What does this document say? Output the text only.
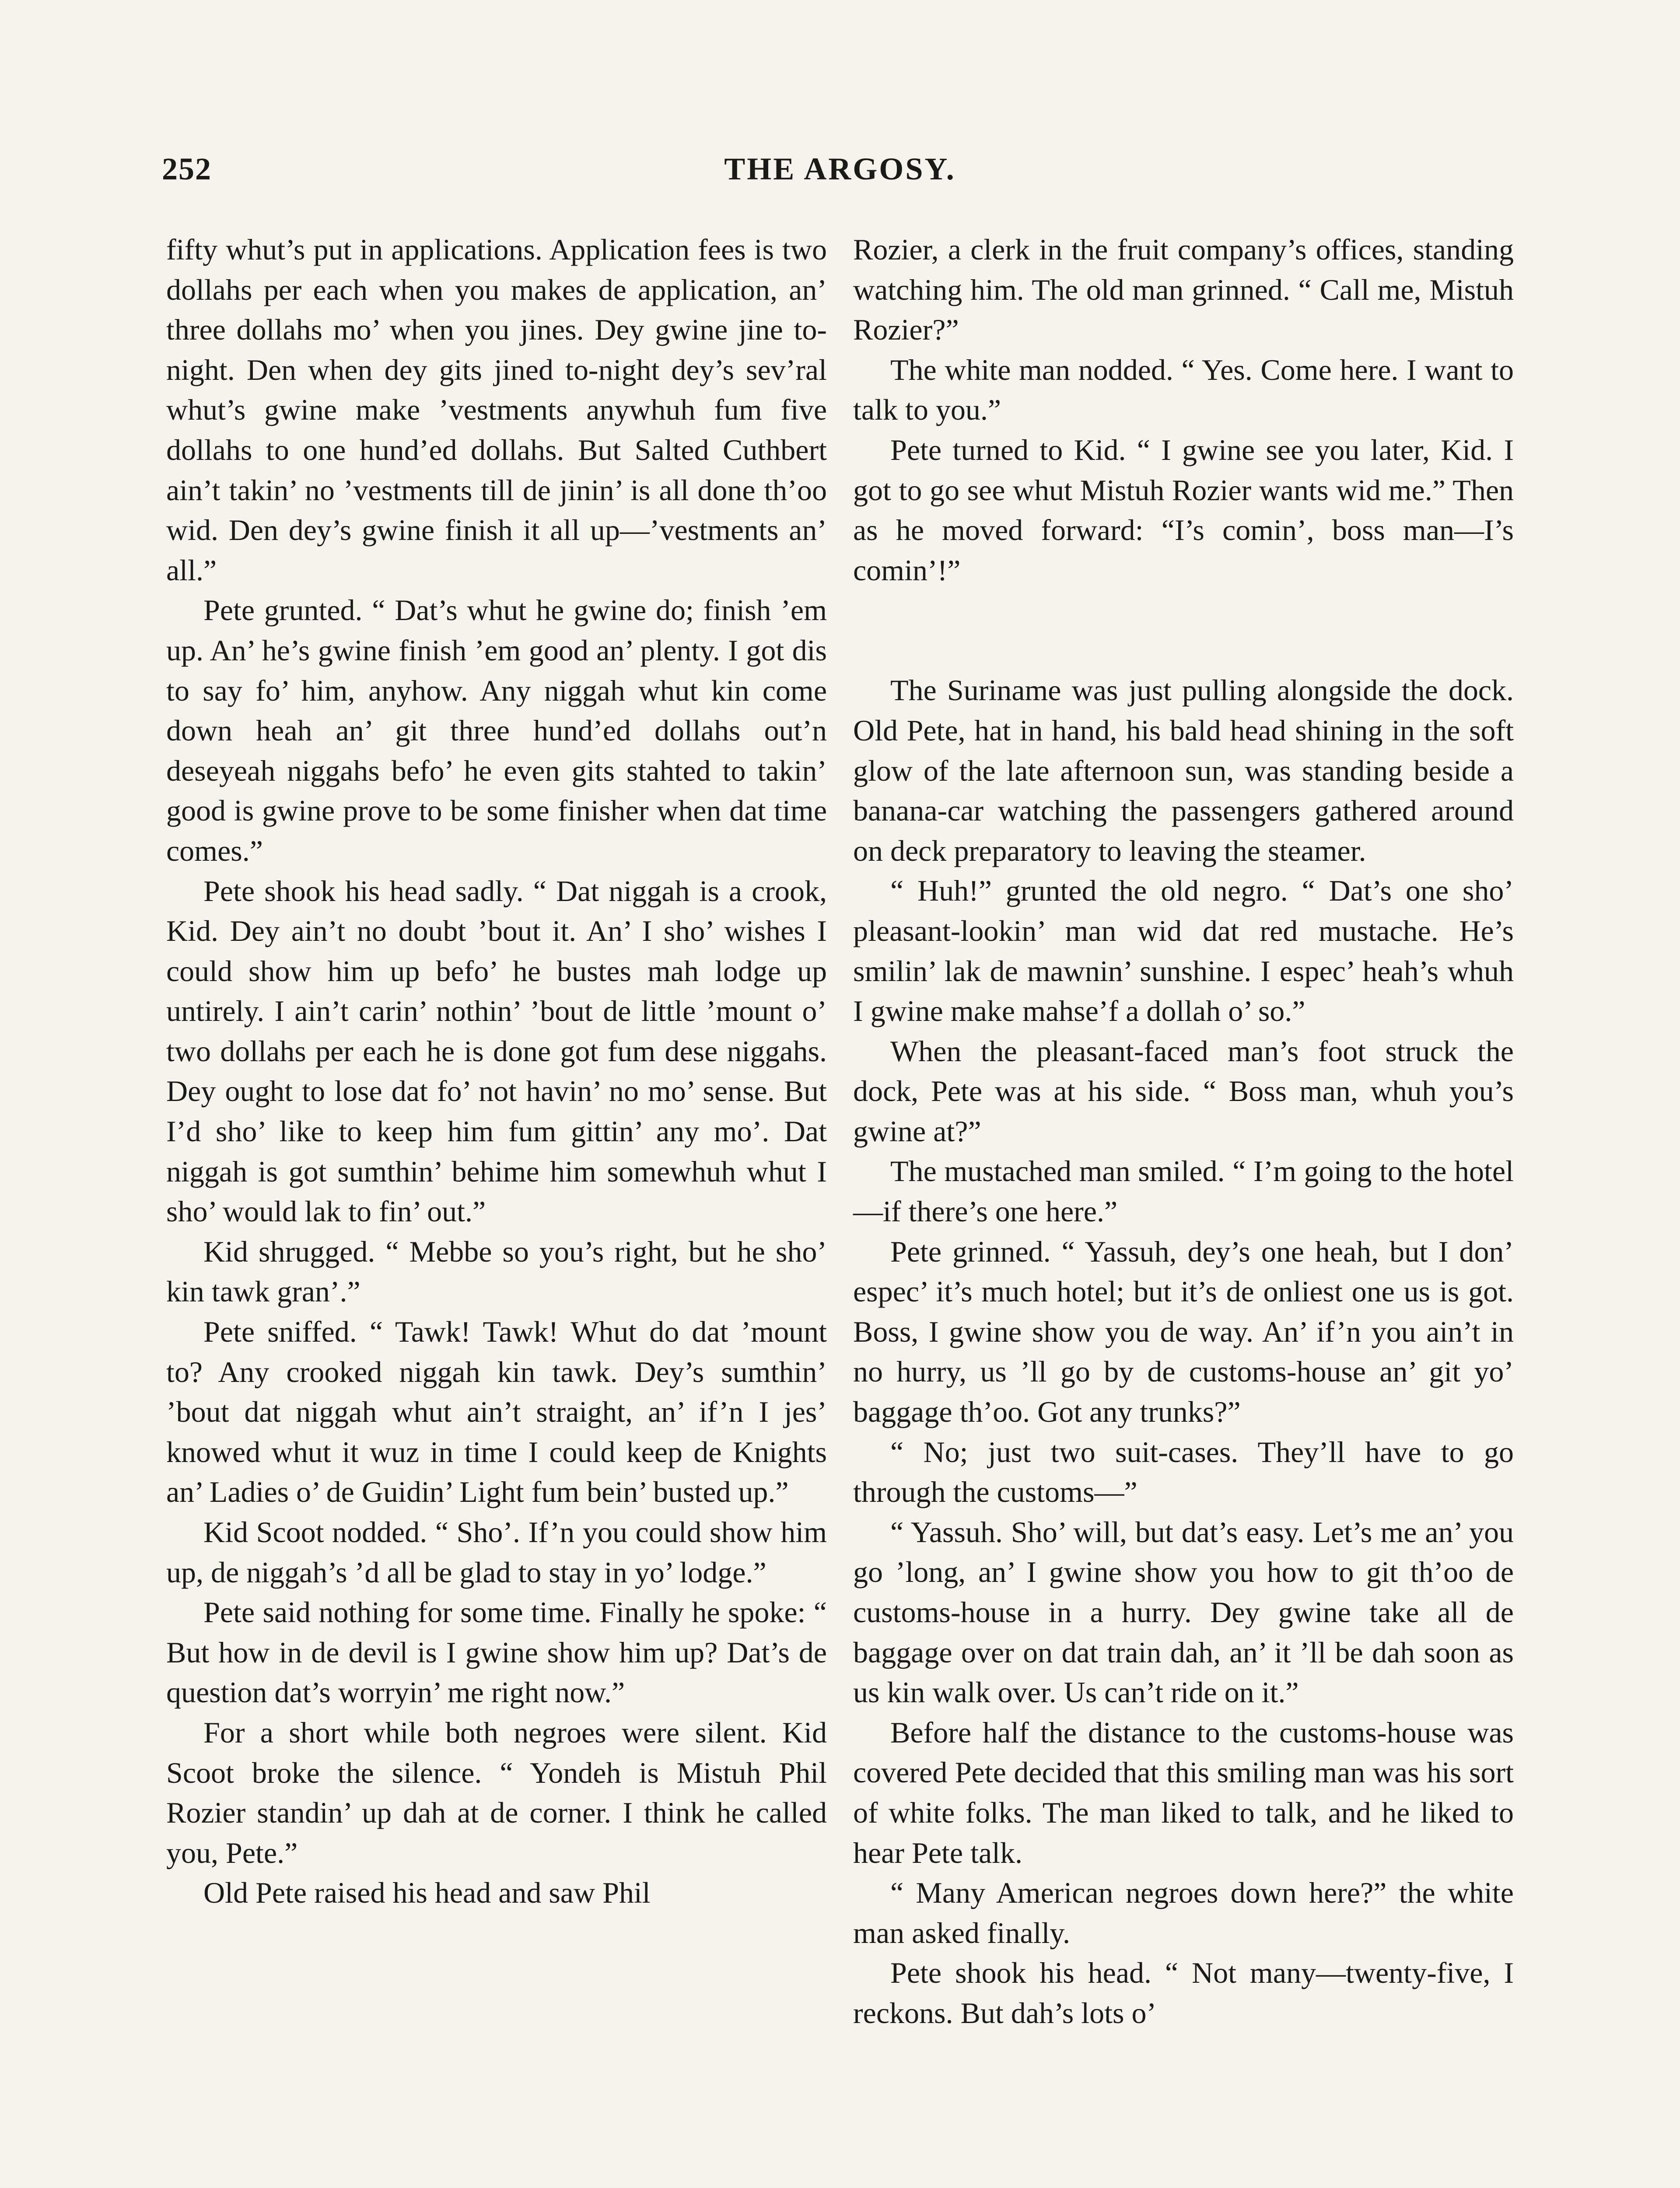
THE ARGOSY.
252

fifty whut’s put in applications. Application fees is two dollahs per each when you makes de application, an’ three dollahs mo’ when you jines. Dey gwine jine to-night. Den when dey gits jined to-night dey’s sev’ral whut’s gwine make ’vestments anywhuh fum five dollahs to one hund’ed dollahs. But Salted Cuthbert ain’t takin’ no ’vestments till de jinin’ is all done th’oo wid. Den dey’s gwine finish it all up—’vestments an’ all.”

Pete grunted. “ Dat’s whut he gwine do; finish ’em up. An’ he’s gwine finish ’em good an’ plenty. I got dis to say fo’ him, anyhow. Any niggah whut kin come down heah an’ git three hund’ed dollahs out’n deseyeah niggahs befo’ he even gits stahted to takin’ good is gwine prove to be some finisher when dat time comes.”

Pete shook his head sadly. “ Dat niggah is a crook, Kid. Dey ain’t no doubt ’bout it. An’ I sho’ wishes I could show him up befo’ he bustes mah lodge up untirely. I ain’t carin’ nothin’ ’bout de little ’mount o’ two dollahs per each he is done got fum dese niggahs. Dey ought to lose dat fo’ not havin’ no mo’ sense. But I’d sho’ like to keep him fum gittin’ any mo’. Dat niggah is got sumthin’ behime him somewhuh whut I sho’ would lak to fin’ out.”

Kid shrugged. “ Mebbe so you’s right, but he sho’ kin tawk gran’.”

Pete sniffed. “ Tawk! Tawk! Whut do dat ’mount to? Any crooked niggah kin tawk. Dey’s sumthin’ ’bout dat niggah whut ain’t straight, an’ if’n I jes’ knowed whut it wuz in time I could keep de Knights an’ Ladies o’ de Guidin’ Light fum bein’ busted up.”

Kid Scoot nodded. “ Sho’. If’n you could show him up, de niggah’s ’d all be glad to stay in yo’ lodge.”

Pete said nothing for some time. Finally he spoke: “ But how in de devil is I gwine show him up? Dat’s de question dat’s worryin’ me right now.”

For a short while both negroes were silent. Kid Scoot broke the silence. “ Yondeh is Mistuh Phil Rozier standin’ up dah at de corner. I think he called you, Pete.”

Old Pete raised his head and saw Phil

Rozier, a clerk in the fruit company’s offices, standing watching him. The old man grinned. “ Call me, Mistuh Rozier?”

The white man nodded. “ Yes. Come here. I want to talk to you.”

Pete turned to Kid. “ I gwine see you later, Kid. I got to go see whut Mistuh Rozier wants wid me.” Then as he moved forward: “I’s comin’, boss man—I’s comin’!”

The Suriname was just pulling alongside the dock. Old Pete, hat in hand, his bald head shining in the soft glow of the late afternoon sun, was standing beside a banana-car watching the passengers gathered around on deck preparatory to leaving the steamer.

“ Huh!” grunted the old negro. “ Dat’s one sho’ pleasant-lookin’ man wid dat red mustache. He’s smilin’ lak de mawnin’ sunshine. I espec’ heah’s whuh I gwine make mahse’f a dollah o’ so.”

When the pleasant-faced man’s foot struck the dock, Pete was at his side. “ Boss man, whuh you’s gwine at?”

The mustached man smiled. “ I’m going to the hotel—if there’s one here.”

Pete grinned. “ Yassuh, dey’s one heah, but I don’ espec’ it’s much hotel; but it’s de onliest one us is got. Boss, I gwine show you de way. An’ if’n you ain’t in no hurry, us ’ll go by de customs-house an’ git yo’ baggage th’oo. Got any trunks?”

“ No; just two suit-cases. They’ll have to go through the customs—”

“ Yassuh. Sho’ will, but dat’s easy. Let’s me an’ you go ’long, an’ I gwine show you how to git th’oo de customs-house in a hurry. Dey gwine take all de baggage over on dat train dah, an’ it ’ll be dah soon as us kin walk over. Us can’t ride on it.”

Before half the distance to the customs-house was covered Pete decided that this smiling man was his sort of white folks. The man liked to talk, and he liked to hear Pete talk.

“ Many American negroes down here?” the white man asked finally.

Pete shook his head. “ Not many—twenty-five, I reckons. But dah’s lots o’
